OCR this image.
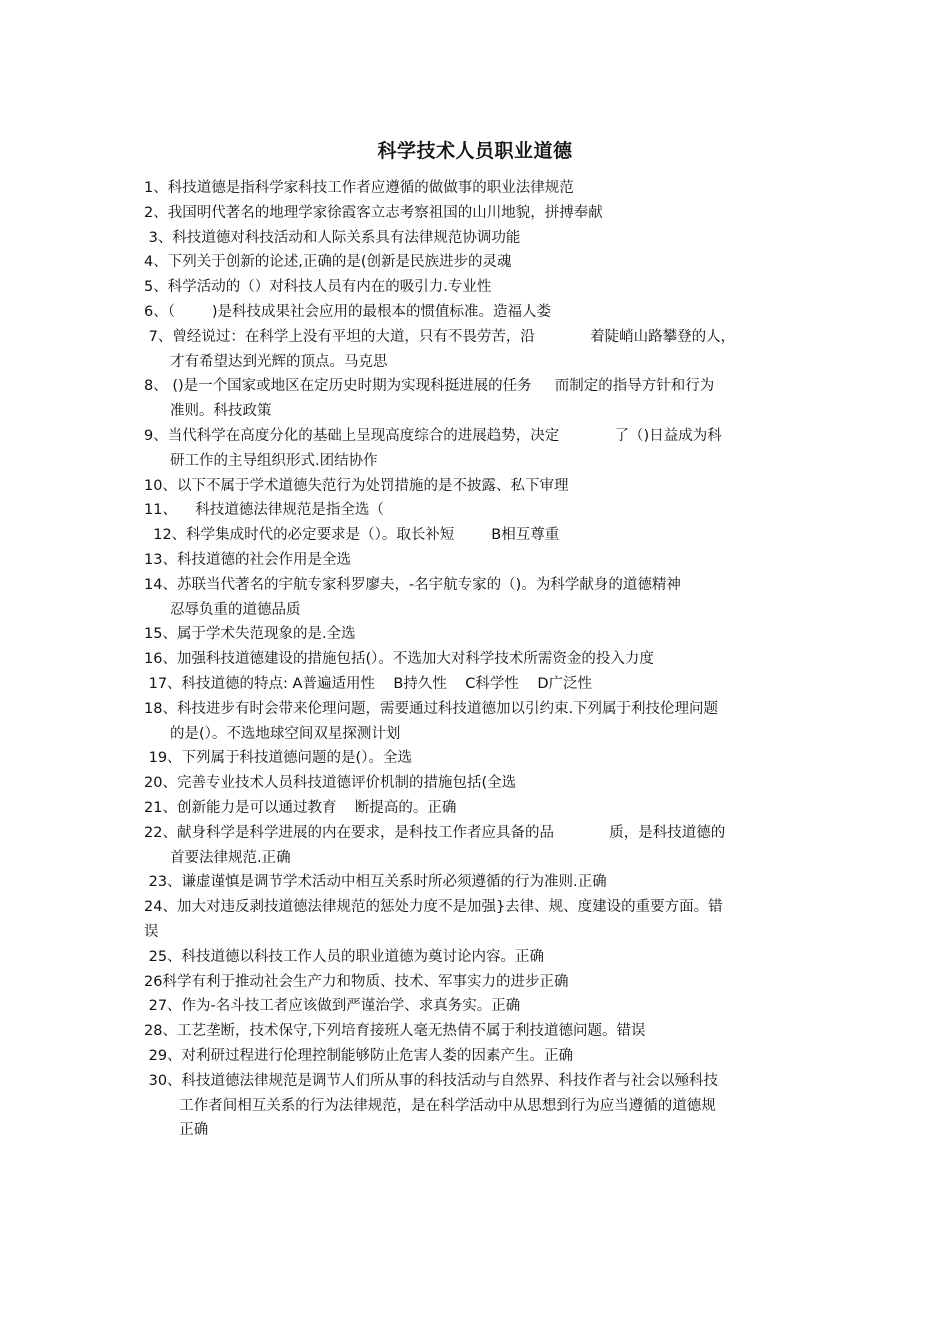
科学技术人员职业道德
1、科技道德是指科学家科技工作者应遵循的做做事的职业法律规范
2、我国明代著名的地理学家徐霞客立志考察祖国的山川地貌，拼搏奉献
3、科技道德对科技活动和人际关系具有法律规范协调功能
4、下列关于创新的论述,正确的是(创新是民族进步的灵魂
5、科学活动的（）对科技人员有内在的吸引力.专业性
6、（        )是科技成果社会应用的最根本的惯值标准。造福人娄
7、曾经说过：在科学上没有平坦的大道，只有不畏劳苦，沿            着陡峭山路攀登的人，
才有希望达到光辉的顶点。马克思
8、 ()是一个国家或地区在定历史时期为实现科挺进展的任务     而制定的指导方针和行为
准则。科技政策
9、当代科学在高度分化的基础上呈现高度综合的进展趋势，决定            了（)日益成为科
研工作的主导组织形式.团结协作
10、以下不属于学术道德失范行为处罚措施的是不披露、私下审理
11、    科技道德法律规范是指全选（
12、科学集成时代的必定要求是（）。取长补短        B相互尊重
13、科技道德的社会作用是全选
14、苏联当代著名的宇航专家科罗廖夫，-名宇航专家的（)。为科学献身的道德精神
忍辱负重的道德品质
15、属于学术失范现象的是.全选
16、加强科技道德建设的措施包括(）。不选加大对科学技术所需资金的投入力度
17、科技道德的特点: A普遍适用性    B持久性    C科学性    D广泛性
18、科技进步有时会带来伦理问题，需要通过科技道德加以引约束.下列属于利技伦理问题
的是(）。不选地球空间双星探测计划
19、下列属于科技道德问题的是(）。全选
20、完善专业技术人员科技道德评价机制的措施包括(全选
21、创新能力是可以通过教育    断提高的。正确
22、献身科学是科学进展的内在要求，是科技工作者应具备的品            质，是科技道德的
首要法律规范.正确
23、谦虚谨慎是调节学术活动中相互关系时所必须遵循的行为准则.正确
24、加大对违反剥技道德法律规范的惩处力度不是加强}去律、规、度建设的重要方面。错
误
25、科技道德以科技工作人员的职业道德为奠讨论内容。正确
26科学有利于推动社会生产力和物质、技术、军事实力的进步正确
27、作为-名斗技工者应该做到严谨治学、求真务实。正确
28、工艺垄断，技术保守,下列培育接班人毫无热倩不属于利技道德问题。错误
29、对利研过程进行伦理控制能够防止危害人娄的因素产生。正确
30、科技道德法律规范是调节人们所从事的科技活动与自然界、科技作者与社会以殛科技
工作者间相互关系的行为法律规范，是在科学活动中从思想到行为应当遵循的道德规
正确
